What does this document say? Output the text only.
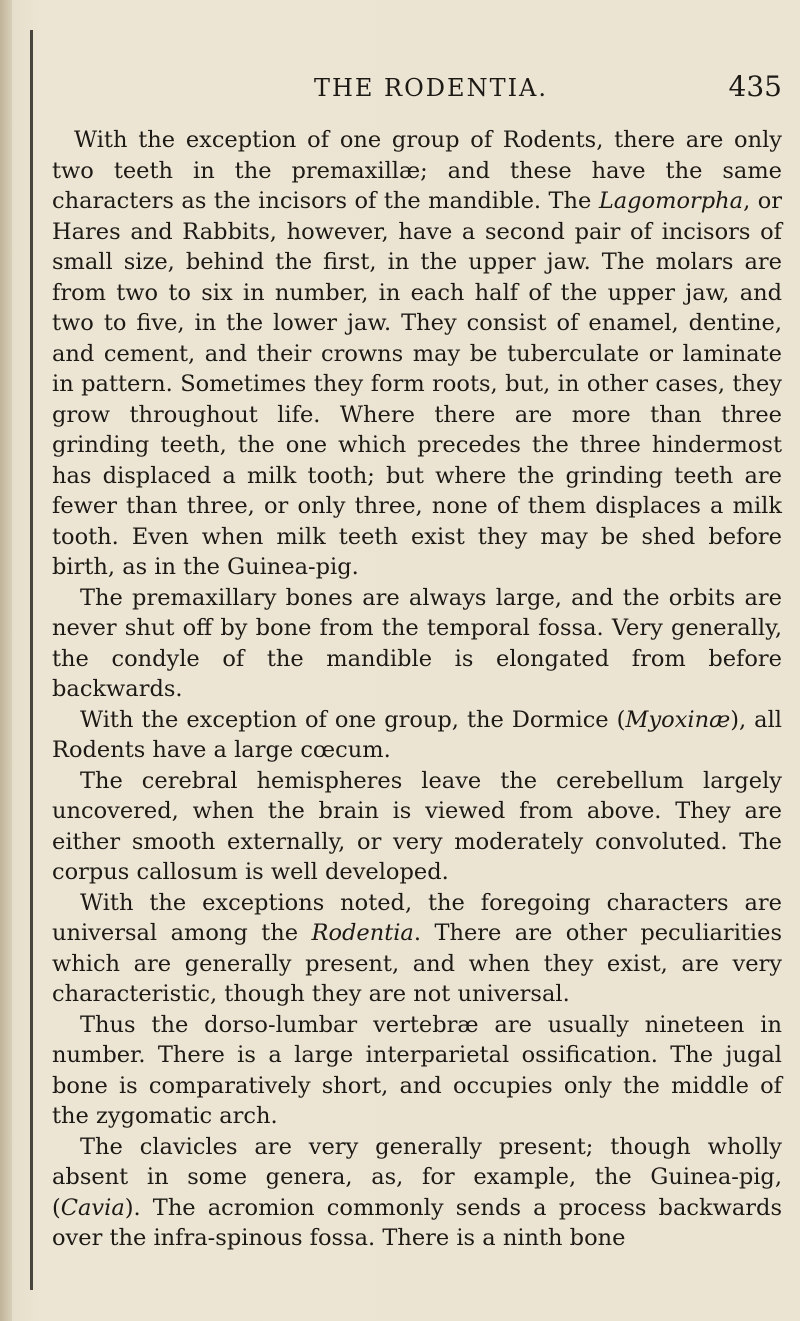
THE RODENTIA.	435

With the exception of one group of Rodents, there are only two teeth in the premaxillæ; and these have the same characters as the incisors of the mandible. The Lagomorpha, or Hares and Rabbits, however, have a second pair of incisors of small size, behind the first, in the upper jaw. The molars are from two to six in number, in each half of the upper jaw, and two to five, in the lower jaw. They consist of enamel, dentine, and cement, and their crowns may be tuberculate or laminate in pattern. Sometimes they form roots, but, in other cases, they grow throughout life. Where there are more than three grinding teeth, the one which precedes the three hindermost has displaced a milk tooth; but where the grinding teeth are fewer than three, or only three, none of them displaces a milk tooth. Even when milk teeth exist they may be shed before birth, as in the Guinea-pig.

The premaxillary bones are always large, and the orbits are never shut off by bone from the temporal fossa. Very generally, the condyle of the mandible is elongated from before backwards.

With the exception of one group, the Dormice (Myoxinæ), all Rodents have a large cœcum.

The cerebral hemispheres leave the cerebellum largely uncovered, when the brain is viewed from above. They are either smooth externally, or very moderately convoluted. The corpus callosum is well developed.

With the exceptions noted, the foregoing characters are universal among the Rodentia. There are other peculiarities which are generally present, and when they exist, are very characteristic, though they are not universal.

Thus the dorso-lumbar vertebræ are usually nineteen in number. There is a large interparietal ossification. The jugal bone is comparatively short, and occupies only the middle of the zygomatic arch.

The clavicles are very generally present; though wholly absent in some genera, as, for example, the Guinea-pig, (Cavia). The acromion commonly sends a process backwards over the infra-spinous fossa. There is a ninth bone
